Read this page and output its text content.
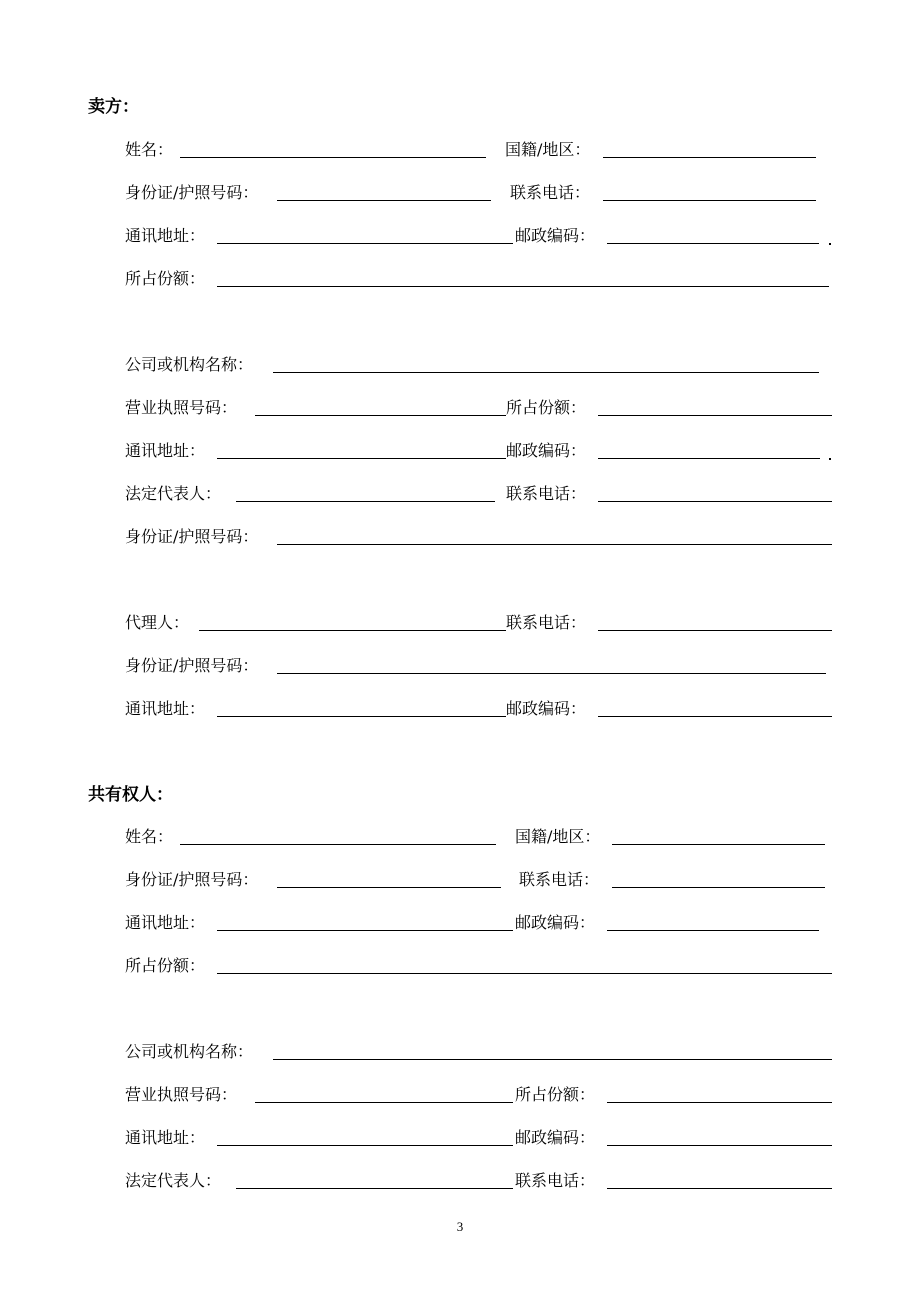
卖方：
姓名：	国籍/地区：
身份证/护照号码：	联系电话：
通讯地址：	邮政编码：
所占份额：
公司或机构名称：
营业执照号码：	所占份额：
通讯地址：	邮政编码：
法定代表人：	联系电话：
身份证/护照号码：
代理人：	联系电话：
身份证/护照号码：
通讯地址：	邮政编码：
共有权人：
姓名：	国籍/地区：
身份证/护照号码：	联系电话：
通讯地址：	邮政编码：
所占份额：
公司或机构名称：
营业执照号码：	所占份额：
通讯地址：	邮政编码：
法定代表人：	联系电话：
3
